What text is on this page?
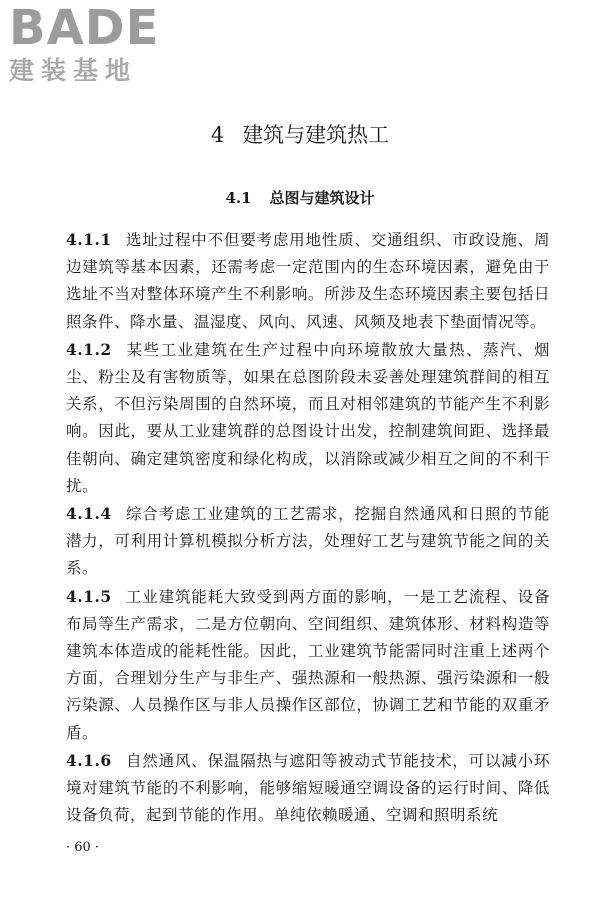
BADE
建装基地
4 建筑与建筑热工
4.1 总图与建筑设计

4.1.1 选址过程中不但要考虑用地性质、交通组织、市政设施、周边建筑等基本因素，还需考虑一定范围内的生态环境因素，避免由于选址不当对整体环境产生不利影响。所涉及生态环境因素主要包括日照条件、降水量、温湿度、风向、风速、风频及地表下垫面情况等。

4.1.2 某些工业建筑在生产过程中向环境散放大量热、蒸汽、烟尘、粉尘及有害物质等，如果在总图阶段未妥善处理建筑群间的相互关系，不但污染周围的自然环境，而且对相邻建筑的节能产生不利影响。因此，要从工业建筑群的总图设计出发，控制建筑间距、选择最佳朝向、确定建筑密度和绿化构成，以消除或减少相互之间的不利干扰。

4.1.4 综合考虑工业建筑的工艺需求，挖掘自然通风和日照的节能潜力，可利用计算机模拟分析方法，处理好工艺与建筑节能之间的关系。

4.1.5 工业建筑能耗大致受到两方面的影响，一是工艺流程、设备布局等生产需求，二是方位朝向、空间组织、建筑体形、材料构造等建筑本体造成的能耗性能。因此，工业建筑节能需同时注重上述两个方面，合理划分生产与非生产、强热源和一般热源、强污染源和一般污染源、人员操作区与非人员操作区部位，协调工艺和节能的双重矛盾。

4.1.6 自然通风、保温隔热与遮阳等被动式节能技术，可以减小环境对建筑节能的不利影响，能够缩短暖通空调设备的运行时间、降低设备负荷，起到节能的作用。单纯依赖暖通、空调和照明系统

· 60 ·
